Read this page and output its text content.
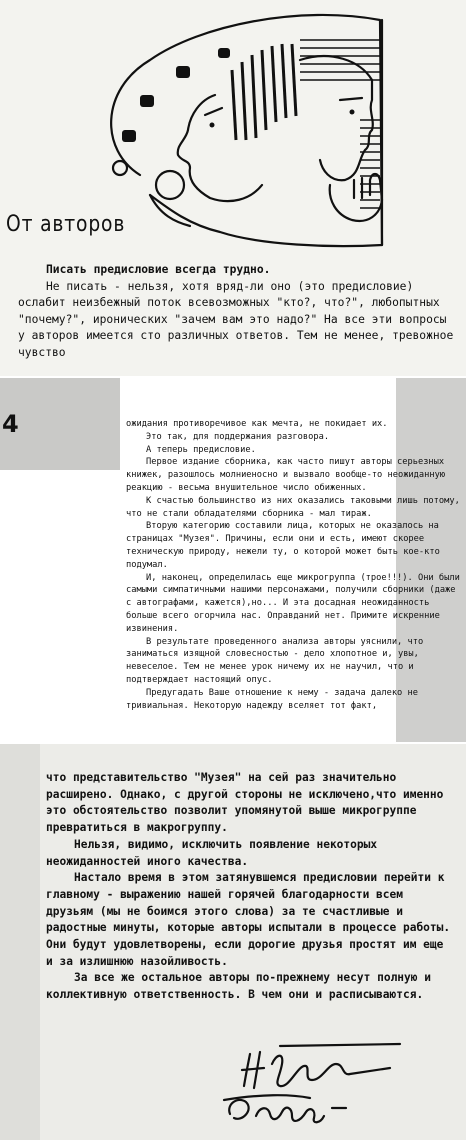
От авторов

Писать предисловие всегда трудно.

Не писать - нельзя, хотя вряд-ли оно (это предисловие) ослабит неизбежный поток всевозможных "кто?, что?", любопытных "почему?", иронических "зачем вам это надо?" На все эти вопросы у авторов имеется сто различных ответов. Тем не менее, тревожное чувство

4	ожидания противоречивое как мечта, не покидает их.

Это так, для поддержания разговора.

А теперь предисловие.

Первое издание сборника, как часто пишут авторы серьезных книжек, разошлось молниеносно и вызвало вообще-то неожиданную реакцию - весьма внушительное число обиженных.

К счастью большинство из них оказались таковыми лишь потому, что не стали обладателями сборника - мал тираж.

Вторую категорию составили лица, которых не оказалось на страницах "Музея". Причины, если они и есть, имеют скорее техническую природу, нежели ту, о которой может быть кое-кто подумал.

И, наконец, определилась еще микрогруппа (трое!!!). Они были самыми симпатичными нашими персонажами, получили сборники (даже с автографами, кажется),но... И эта досадная неожиданность больше всего огорчила нас. Оправданий нет. Примите искренние извинения.

В результате проведенного анализа авторы уяснили, что заниматься изящной словесностью - дело хлопотное и, увы, невеселое. Тем не менее урок ничему их не научил, что и подтверждает настоящий опус.

Предугадать Ваше отношение к нему - задача далеко не тривиальная. Некоторую надежду вселяет тот факт,

что представительство "Музея" на сей раз значительно расширено. Однако, с другой стороны не исключено,что именно это обстоятельство позволит упомянутой выше микрогруппе превратиться в макрогруппу.

Нельзя, видимо, исключить появление некоторых неожиданностей иного качества.

Настало время в этом затянувшемся предисловии перейти к главному - выражению нашей горячей благодарности всем друзьям (мы не боимся этого слова) за те счастливые и радостные минуты, которые авторы испытали в процессе работы. Они будут удовлетворены, если дорогие друзья простят им еще и за излишнюю назойливость.

За все же остальное авторы по-прежнему несут полную и коллективную ответственность. В чем они и расписываются.
